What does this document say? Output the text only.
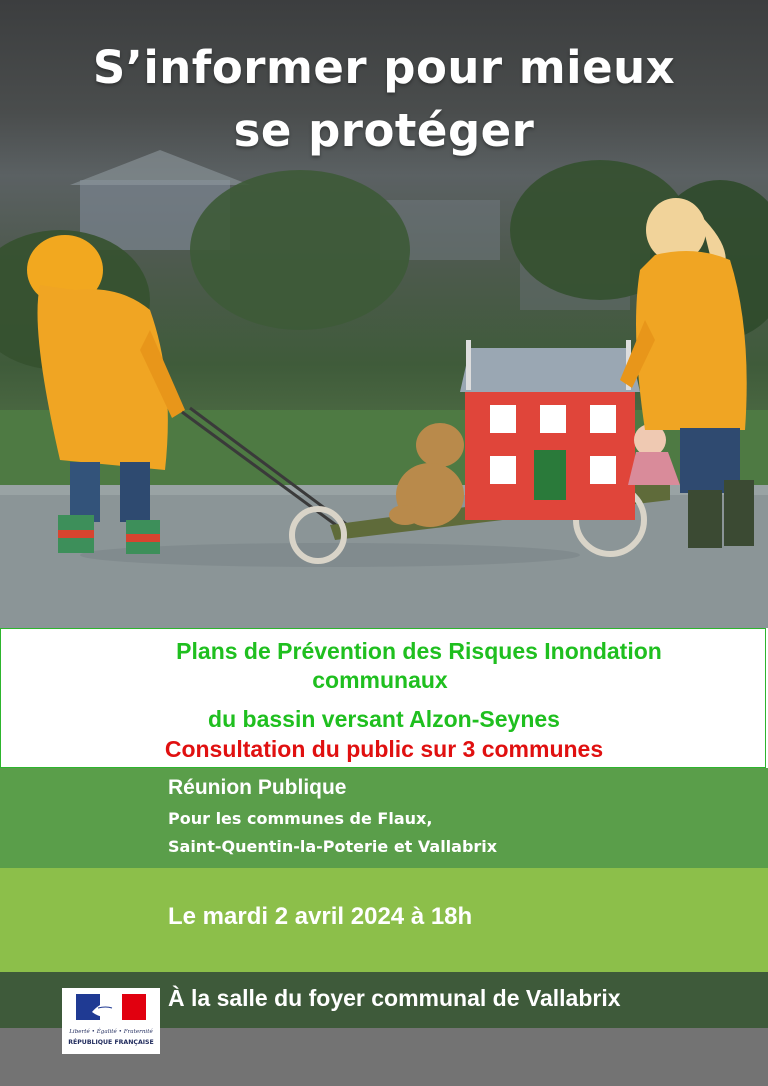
S’informer pour mieux
se protéger
Plans de Prévention des Risques Inondation
communaux
du bassin versant Alzon-Seynes
Consultation du public sur 3 communes
Réunion Publique
Pour les communes de Flaux,
Saint-Quentin-la-Poterie et Vallabrix
Le mardi 2 avril 2024 à 18h
À la salle du foyer communal de Vallabrix
Liberté • Égalité • Fraternité
RÉPUBLIQUE FRANÇAISE
